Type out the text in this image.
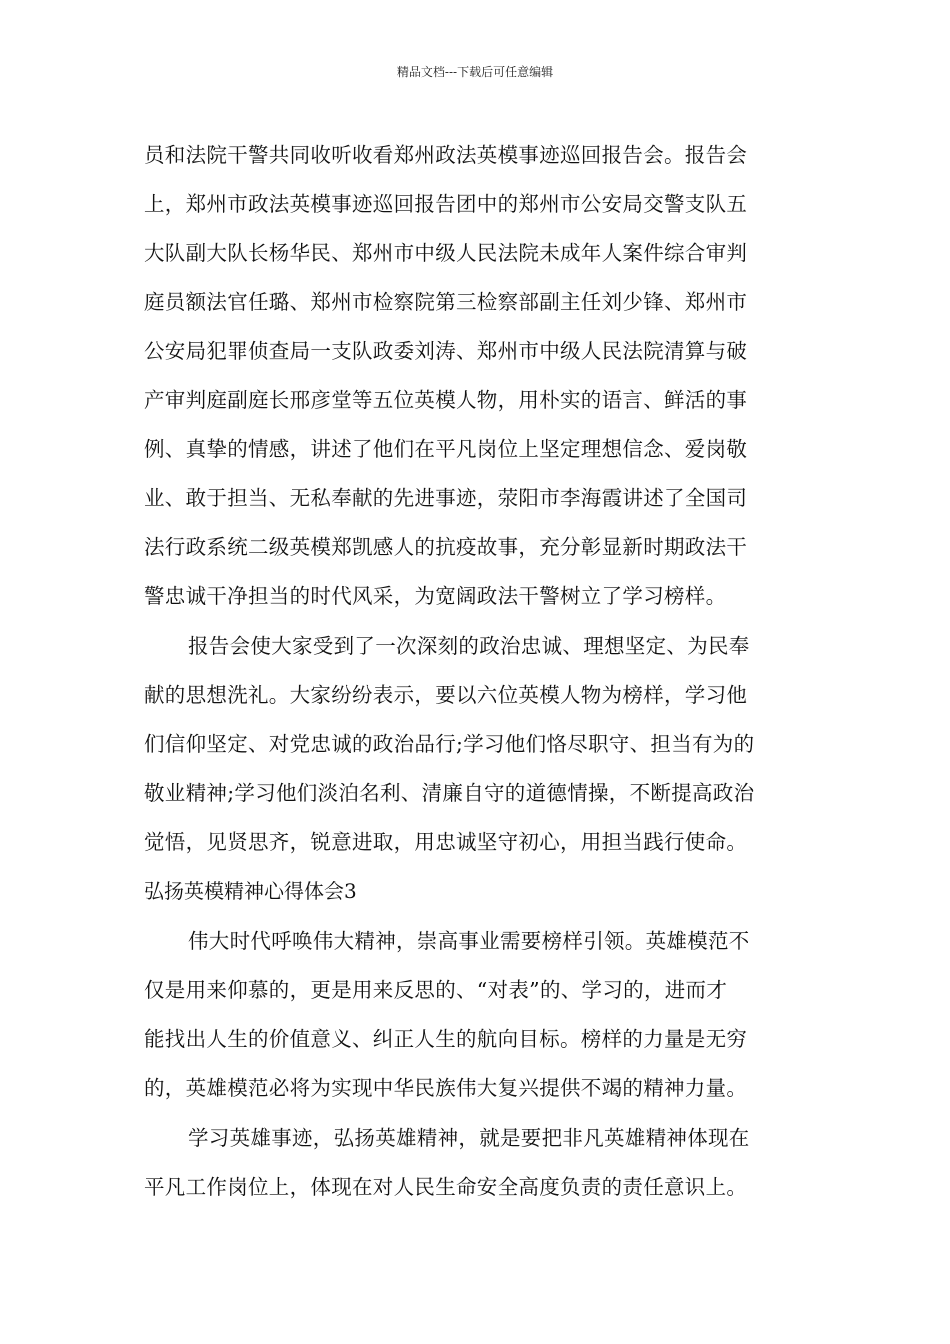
精品文档---下载后可任意编辑
员和法院干警共同收听收看郑州政法英模事迹巡回报告会。报告会
上，郑州市政法英模事迹巡回报告团中的郑州市公安局交警支队五
大队副大队长杨华民、郑州市中级人民法院未成年人案件综合审判
庭员额法官任璐、郑州市检察院第三检察部副主任刘少锋、郑州市
公安局犯罪侦查局一支队政委刘涛、郑州市中级人民法院清算与破
产审判庭副庭长邢彦堂等五位英模人物，用朴实的语言、鲜活的事
例、真挚的情感，讲述了他们在平凡岗位上坚定理想信念、爱岗敬
业、敢于担当、无私奉献的先进事迹，荥阳市李海霞讲述了全国司
法行政系统二级英模郑凯感人的抗疫故事，充分彰显新时期政法干
警忠诚干净担当的时代风采，为宽阔政法干警树立了学习榜样。
报告会使大家受到了一次深刻的政治忠诚、理想坚定、为民奉
献的思想洗礼。大家纷纷表示，要以六位英模人物为榜样，学习他
们信仰坚定、对党忠诚的政治品行;学习他们恪尽职守、担当有为的
敬业精神;学习他们淡泊名利、清廉自守的道德情操，不断提高政治
觉悟，见贤思齐，锐意进取，用忠诚坚守初心，用担当践行使命。
弘扬英模精神心得体会3
伟大时代呼唤伟大精神，崇高事业需要榜样引领。英雄模范不
仅是用来仰慕的，更是用来反思的、“对表”的、学习的，进而才
能找出人生的价值意义、纠正人生的航向目标。榜样的力量是无穷
的，英雄模范必将为实现中华民族伟大复兴提供不竭的精神力量。
学习英雄事迹，弘扬英雄精神，就是要把非凡英雄精神体现在
平凡工作岗位上，体现在对人民生命安全高度负责的责任意识上。
